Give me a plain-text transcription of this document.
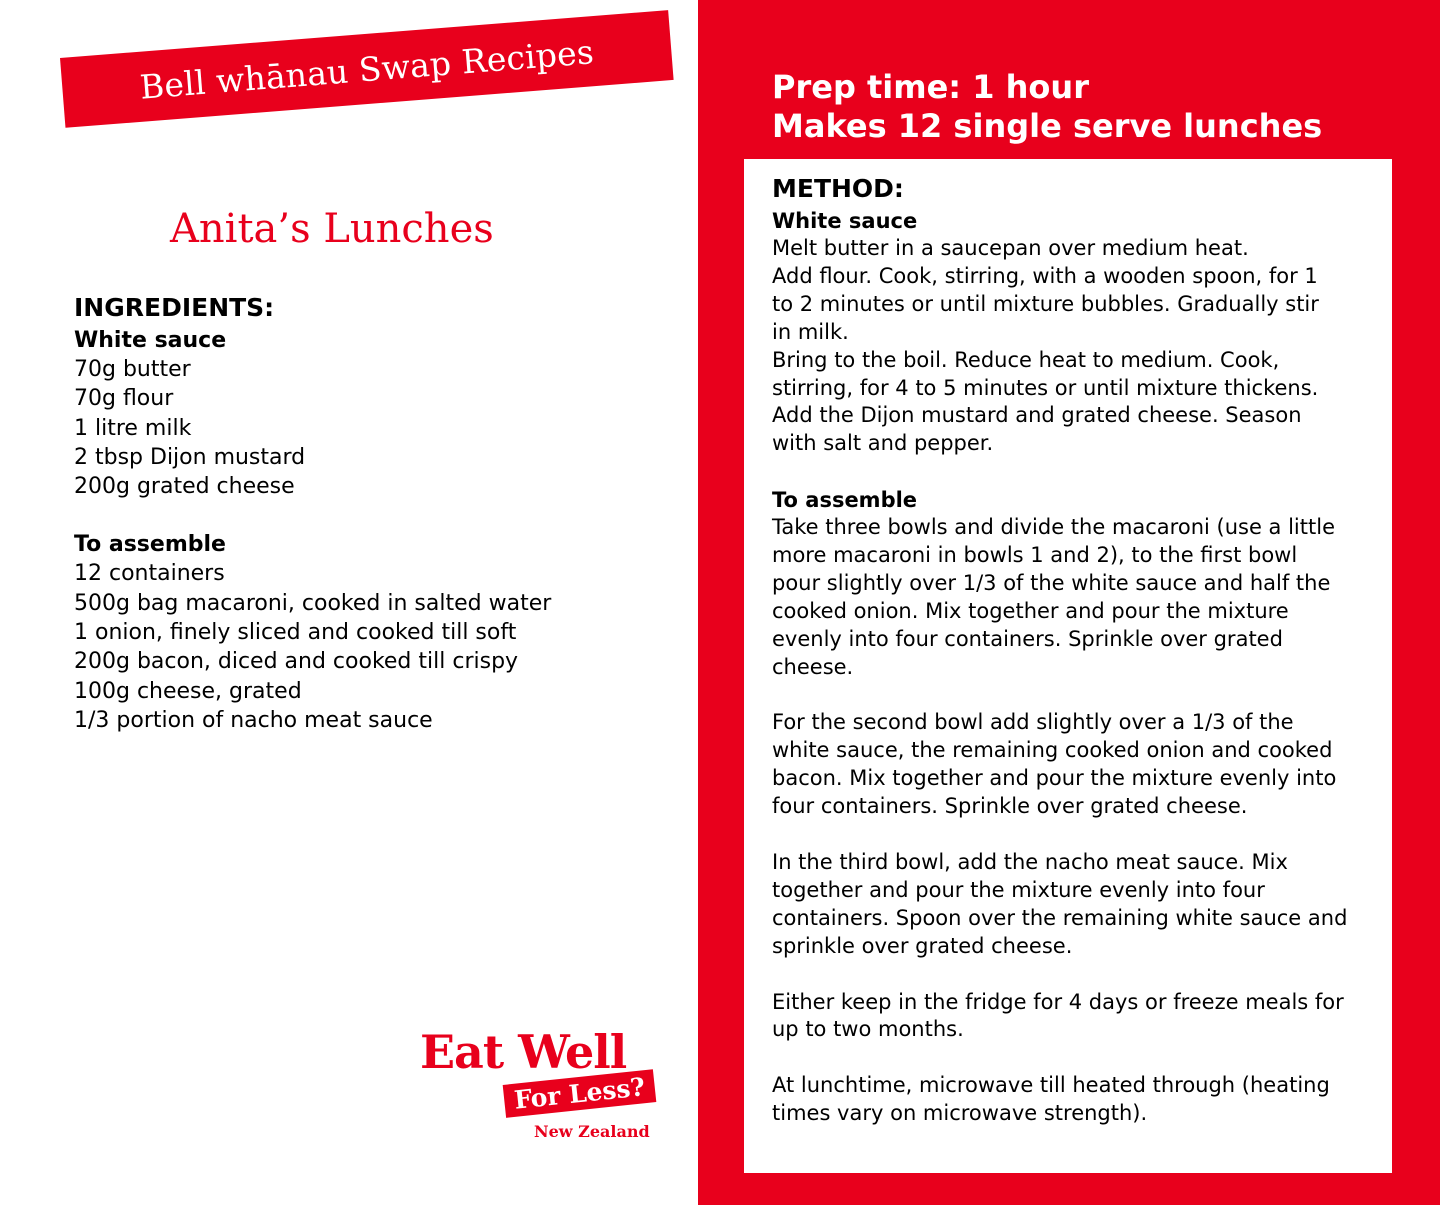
Bell whānau Swap Recipes
Anita’s Lunches

INGREDIENTS:

White sauce

70g butter

70g flour

1 litre milk

2 tbsp Dijon mustard

200g grated cheese

To assemble

12 containers

500g bag macaroni, cooked in salted water

1 onion, finely sliced and cooked till soft

200g bacon, diced and cooked till crispy

100g cheese, grated

1/3 portion of nacho meat sauce

Eat Well
For Less?
New Zealand
Prep time: 1 hour
Makes 12 single serve lunches

METHOD:

White sauce

Melt butter in a saucepan over medium heat.

Add flour. Cook, stirring, with a wooden spoon, for 1

to 2 minutes or until mixture bubbles. Gradually stir

in milk.

Bring to the boil. Reduce heat to medium. Cook,

stirring, for 4 to 5 minutes or until mixture thickens.

Add the Dijon mustard and grated cheese. Season

with salt and pepper.

To assemble

Take three bowls and divide the macaroni (use a little

more macaroni in bowls 1 and 2), to the first bowl

pour slightly over 1/3 of the white sauce and half the

cooked onion. Mix together and pour the mixture

evenly into four containers. Sprinkle over grated

cheese.

For the second bowl add slightly over a 1/3 of the

white sauce, the remaining cooked onion and cooked

bacon. Mix together and pour the mixture evenly into

four containers. Sprinkle over grated cheese.

In the third bowl, add the nacho meat sauce. Mix

together and pour the mixture evenly into four

containers. Spoon over the remaining white sauce and

sprinkle over grated cheese.

Either keep in the fridge for 4 days or freeze meals for

up to two months.

At lunchtime, microwave till heated through (heating

times vary on microwave strength).
